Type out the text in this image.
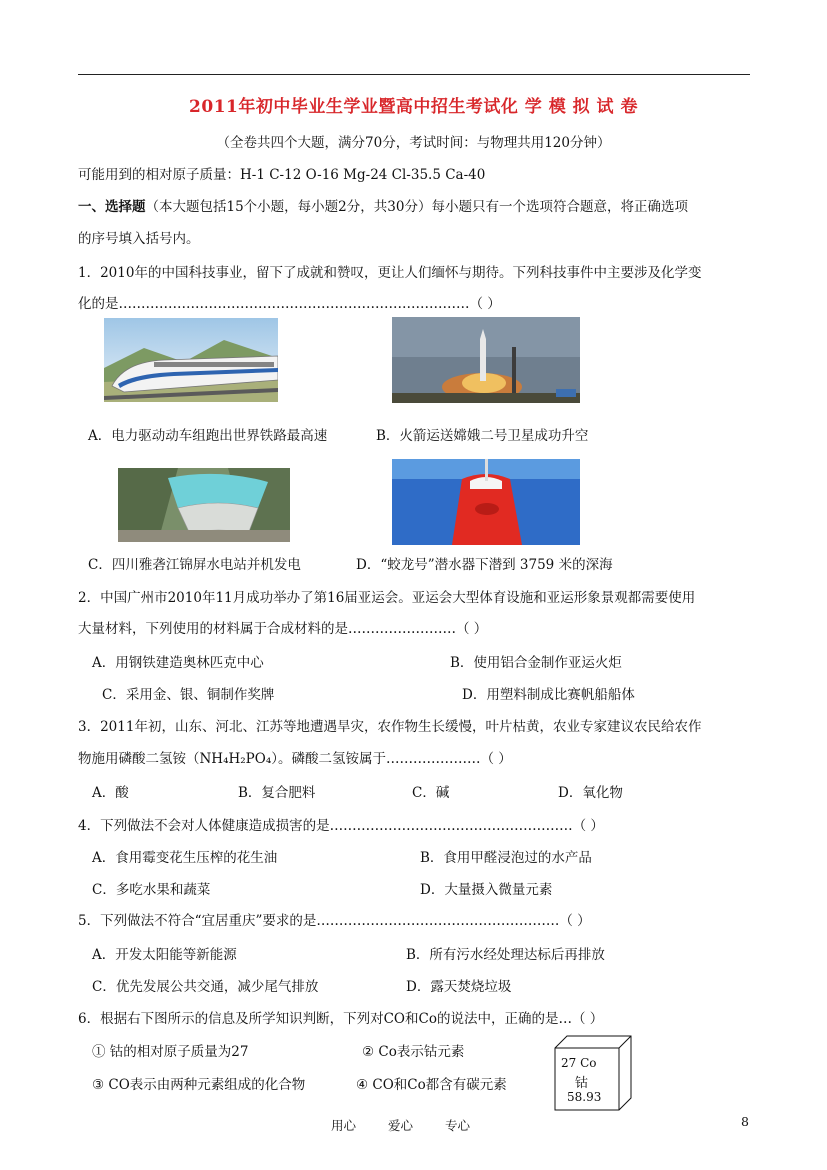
2011年初中毕业生学业暨高中招生考试化 学 模 拟 试 卷
（全卷共四个大题，满分70分，考试时间：与物理共用120分钟）
可能用到的相对原子质量：H-1 C-12 O-16 Mg-24 Cl-35.5 Ca-40
一、选择题（本大题包括15个小题，每小题2分，共30分）每小题只有一个选项符合题意，将正确选项
的序号填入括号内。
1．2010年的中国科技事业，留下了成就和赞叹，更让人们缅怀与期待。下列科技事件中主要涉及化学变
化的是……………………………………………………………………（ ）
A．电力驱动动车组跑出世界铁路最高速	B．火箭运送嫦娥二号卫星成功升空
C．四川雅砻江锦屏水电站并机发电	D．“蛟龙号”潜水器下潜到 3759 米的深海
2．中国广州市2010年11月成功举办了第16届亚运会。亚运会大型体育设施和亚运形象景观都需要使用
大量材料，下列使用的材料属于合成材料的是……………………（ ）
A．用钢铁建造奥林匹克中心	B．使用铝合金制作亚运火炬
C．采用金、银、铜制作奖牌	D．用塑料制成比赛帆船船体
3．2011年初，山东、河北、江苏等地遭遇旱灾，农作物生长缓慢，叶片枯黄，农业专家建议农民给农作
物施用磷酸二氢铵（NH₄H₂PO₄）。磷酸二氢铵属于…………………（ ）
A．酸	B．复合肥料	C．碱	D．氧化物
4．下列做法不会对人体健康造成损害的是………………………………………………（ ）
A．食用霉变花生压榨的花生油	B．食用甲醛浸泡过的水产品
C．多吃水果和蔬菜	D．大量摄入微量元素
5．下列做法不符合“宜居重庆”要求的是………………………………………………（ ）
A．开发太阳能等新能源	B．所有污水经处理达标后再排放
C．优先发展公共交通，减少尾气排放	D．露天焚烧垃圾
6．根据右下图所示的信息及所学知识判断，下列对CO和Co的说法中，正确的是…（ ）
① 钴的相对原子质量为27	② Co表示钴元素
③ CO表示由两种元素组成的化合物	④ CO和Co都含有碳元素
27 Co
钴
58.93
用心	爱心	专心	8
